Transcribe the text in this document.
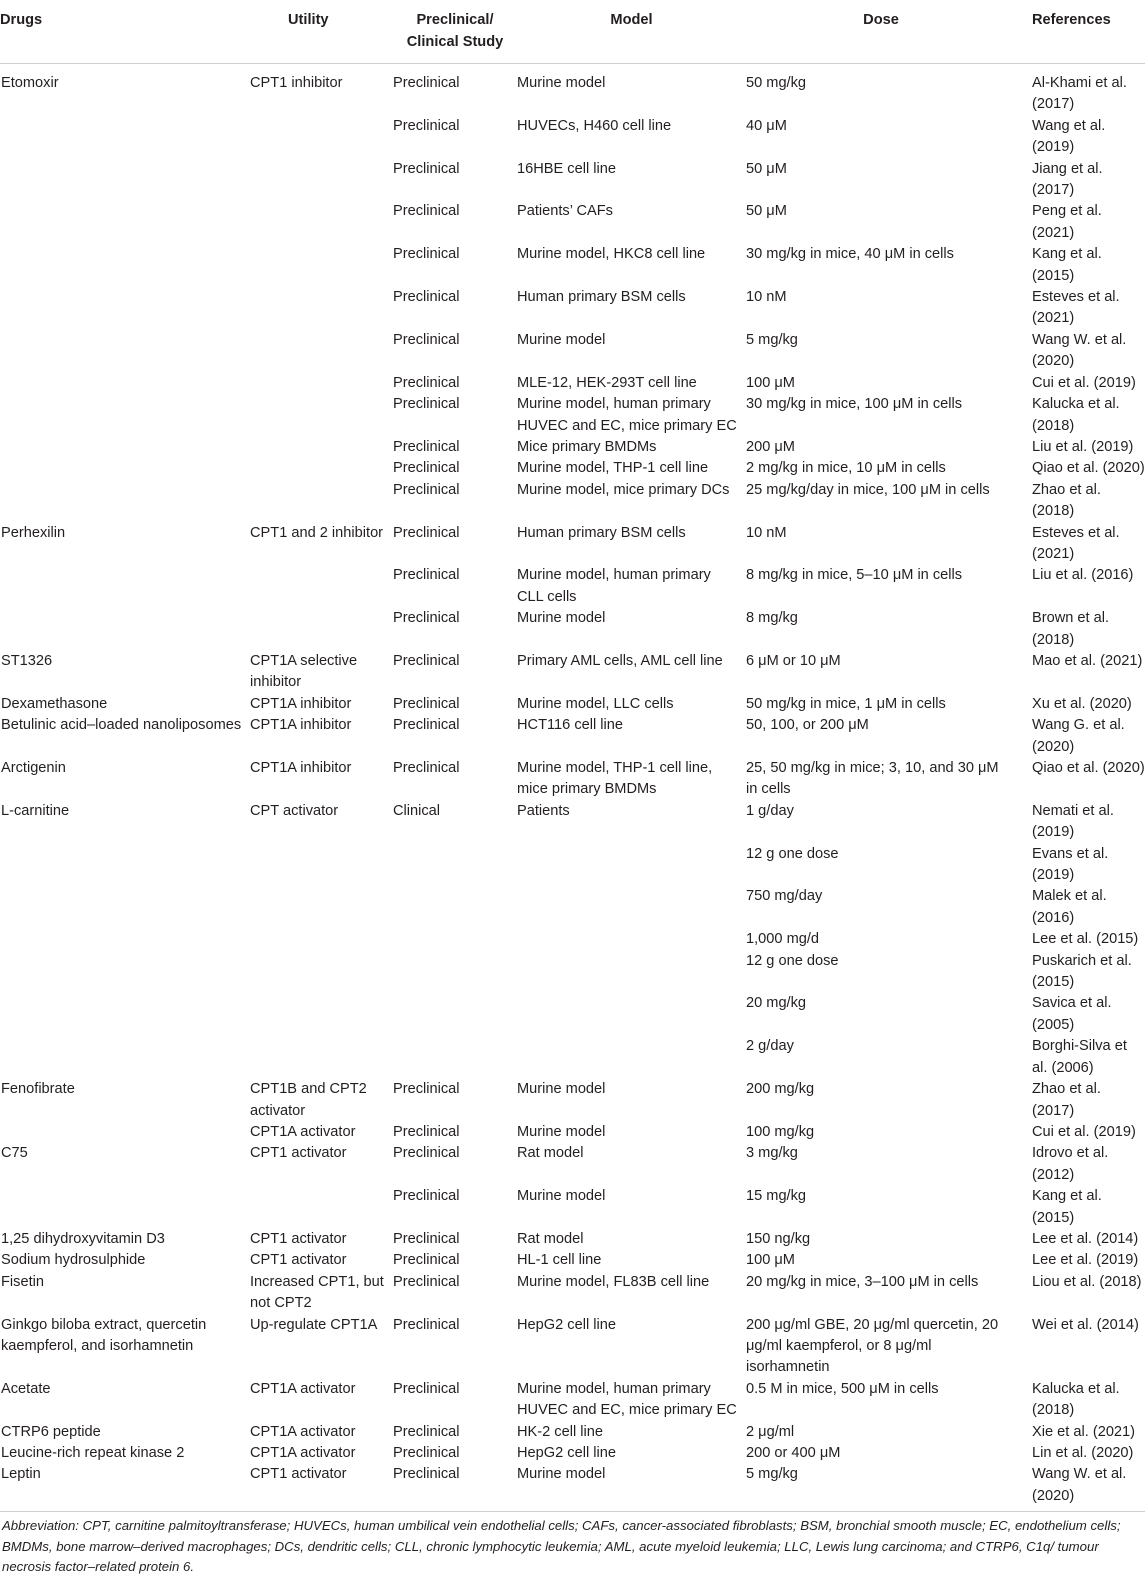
Drugs	Utility	Preclinical/ Clinical Study	Model	Dose	References
Etomoxir	CPT1 inhibitor	Preclinical	Murine model	50 mg/kg	Al-Khami et al. (2017)
		Preclinical	HUVECs, H460 cell line	40 μM	Wang et al. (2019)
		Preclinical	16HBE cell line	50 μM	Jiang et al. (2017)
		Preclinical	Patients’ CAFs	50 μM	Peng et al. (2021)
		Preclinical	Murine model, HKC8 cell line	30 mg/kg in mice, 40 μM in cells	Kang et al. (2015)
		Preclinical	Human primary BSM cells	10 nM	Esteves et al. (2021)
		Preclinical	Murine model	5 mg/kg	Wang W. et al. (2020)
		Preclinical	MLE-12, HEK-293T cell line	100 μM	Cui et al. (2019)
		Preclinical	Murine model, human primary HUVEC and EC, mice primary EC	30 mg/kg in mice, 100 μM in cells	Kalucka et al. (2018)
		Preclinical	Mice primary BMDMs	200 μM	Liu et al. (2019)
		Preclinical	Murine model, THP-1 cell line	2 mg/kg in mice, 10 μM in cells	Qiao et al. (2020)
		Preclinical	Murine model, mice primary DCs	25 mg/kg/day in mice, 100 μM in cells	Zhao et al. (2018)
Perhexilin	CPT1 and 2 inhibitor	Preclinical	Human primary BSM cells	10 nM	Esteves et al. (2021)
		Preclinical	Murine model, human primary CLL cells	8 mg/kg in mice, 5–10 μM in cells	Liu et al. (2016)
		Preclinical	Murine model	8 mg/kg	Brown et al. (2018)
ST1326	CPT1A selective inhibitor	Preclinical	Primary AML cells, AML cell line	6 μM or 10 μM	Mao et al. (2021)
Dexamethasone	CPT1A inhibitor	Preclinical	Murine model, LLC cells	50 mg/kg in mice, 1 μM in cells	Xu et al. (2020)
Betulinic acid–loaded nanoliposomes	CPT1A inhibitor	Preclinical	HCT116 cell line	50, 100, or 200 μM	Wang G. et al. (2020)
Arctigenin	CPT1A inhibitor	Preclinical	Murine model, THP-1 cell line, mice primary BMDMs	25, 50 mg/kg in mice; 3, 10, and 30 μM in cells	Qiao et al. (2020)
L-carnitine	CPT activator	Clinical	Patients	1 g/day	Nemati et al. (2019)
				12 g one dose	Evans et al. (2019)
				750 mg/day	Malek et al. (2016)
				1,000 mg/d	Lee et al. (2015)
				12 g one dose	Puskarich et al. (2015)
				20 mg/kg	Savica et al. (2005)
				2 g/day	Borghi-Silva et al. (2006)
Fenofibrate	CPT1B and CPT2 activator	Preclinical	Murine model	200 mg/kg	Zhao et al. (2017)
	CPT1A activator	Preclinical	Murine model	100 mg/kg	Cui et al. (2019)
C75	CPT1 activator	Preclinical	Rat model	3 mg/kg	Idrovo et al. (2012)
		Preclinical	Murine model	15 mg/kg	Kang et al. (2015)
1,25 dihydroxyvitamin D3	CPT1 activator	Preclinical	Rat model	150 ng/kg	Lee et al. (2014)
Sodium hydrosulphide	CPT1 activator	Preclinical	HL-1 cell line	100 μM	Lee et al. (2019)
Fisetin	Increased CPT1, but not CPT2	Preclinical	Murine model, FL83B cell line	20 mg/kg in mice, 3–100 μM in cells	Liou et al. (2018)
Ginkgo biloba extract, quercetin kaempferol, and isorhamnetin	Up-regulate CPT1A	Preclinical	HepG2 cell line	200 μg/ml GBE, 20 μg/ml quercetin, 20 μg/ml kaempferol, or 8 μg/ml isorhamnetin	Wei et al. (2014)
Acetate	CPT1A activator	Preclinical	Murine model, human primary HUVEC and EC, mice primary EC	0.5 M in mice, 500 μM in cells	Kalucka et al. (2018)
CTRP6 peptide	CPT1A activator	Preclinical	HK-2 cell line	2 μg/ml	Xie et al. (2021)
Leucine-rich repeat kinase 2	CPT1A activator	Preclinical	HepG2 cell line	200 or 400 μM	Lin et al. (2020)
Leptin	CPT1 activator	Preclinical	Murine model	5 mg/kg	Wang W. et al. (2020)
Abbreviation: CPT, carnitine palmitoyltransferase; HUVECs, human umbilical vein endothelial cells; CAFs, cancer-associated fibroblasts; BSM, bronchial smooth muscle; EC, endothelium cells; BMDMs, bone marrow–derived macrophages; DCs, dendritic cells; CLL, chronic lymphocytic leukemia; AML, acute myeloid leukemia; LLC, Lewis lung carcinoma; and CTRP6, C1q/ tumour necrosis factor–related protein 6.
